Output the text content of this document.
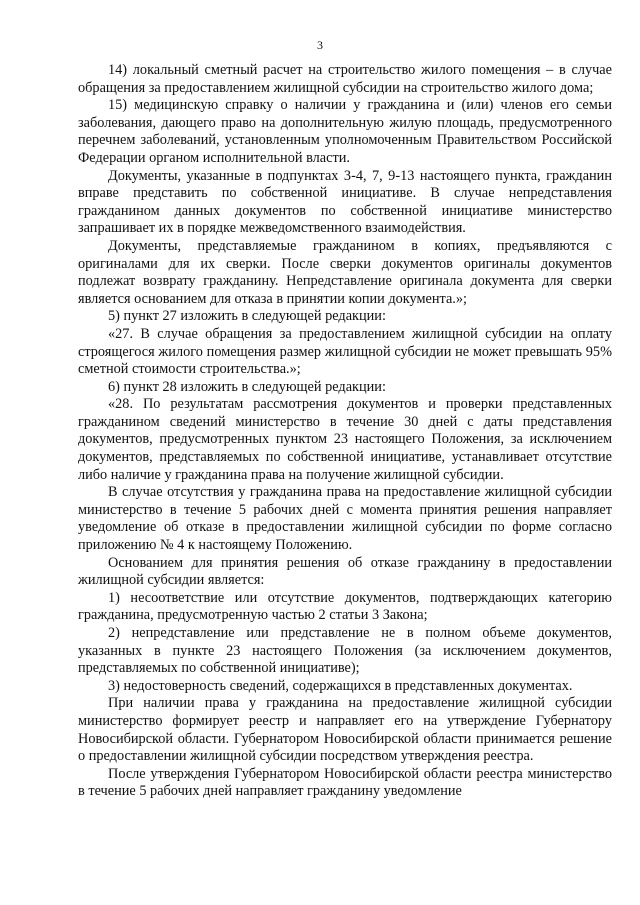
3

14) локальный сметный расчет на строительство жилого помещения – в случае обращения за предоставлением жилищной субсидии на строительство жилого дома;

15) медицинскую справку о наличии у гражданина и (или) членов его семьи заболевания, дающего право на дополнительную жилую площадь, предусмотренного перечнем заболеваний, установленным уполномоченным Правительством Российской Федерации органом исполнительной власти.

Документы, указанные в подпунктах 3-4, 7, 9-13 настоящего пункта, гражданин вправе представить по собственной инициативе. В случае непредставления гражданином данных документов по собственной инициативе министерство запрашивает их в порядке межведомственного взаимодействия.

Документы, представляемые гражданином в копиях, предъявляются с оригиналами для их сверки. После сверки документов оригиналы документов подлежат возврату гражданину. Непредставление оригинала документа для сверки является основанием для отказа в принятии копии документа.»;

5) пункт 27 изложить в следующей редакции:

«27. В случае обращения за предоставлением жилищной субсидии на оплату строящегося жилого помещения размер жилищной субсидии не может превышать 95% сметной стоимости строительства.»;

6) пункт 28 изложить в следующей редакции:

«28. По результатам рассмотрения документов и проверки представленных гражданином сведений министерство в течение 30 дней с даты представления документов, предусмотренных пунктом 23 настоящего Положения, за исключением документов, представляемых по собственной инициативе, устанавливает отсутствие либо наличие у гражданина права на получение жилищной субсидии.

В случае отсутствия у гражданина права на предоставление жилищной субсидии министерство в течение 5 рабочих дней с момента принятия решения направляет уведомление об отказе в предоставлении жилищной субсидии по форме согласно приложению № 4 к настоящему Положению.

Основанием для принятия решения об отказе гражданину в предоставлении жилищной субсидии является:

1) несоответствие или отсутствие документов, подтверждающих категорию гражданина, предусмотренную частью 2 статьи 3 Закона;

2) непредставление или представление не в полном объеме документов, указанных в пункте 23 настоящего Положения (за исключением документов, представляемых по собственной инициативе);

3) недостоверность сведений, содержащихся в представленных документах.

При наличии права у гражданина на предоставление жилищной субсидии министерство формирует реестр и направляет его на утверждение Губернатору Новосибирской области. Губернатором Новосибирской области принимается решение о предоставлении жилищной субсидии посредством утверждения реестра.

После утверждения Губернатором Новосибирской области реестра министерство в течение 5 рабочих дней направляет гражданину уведомление
